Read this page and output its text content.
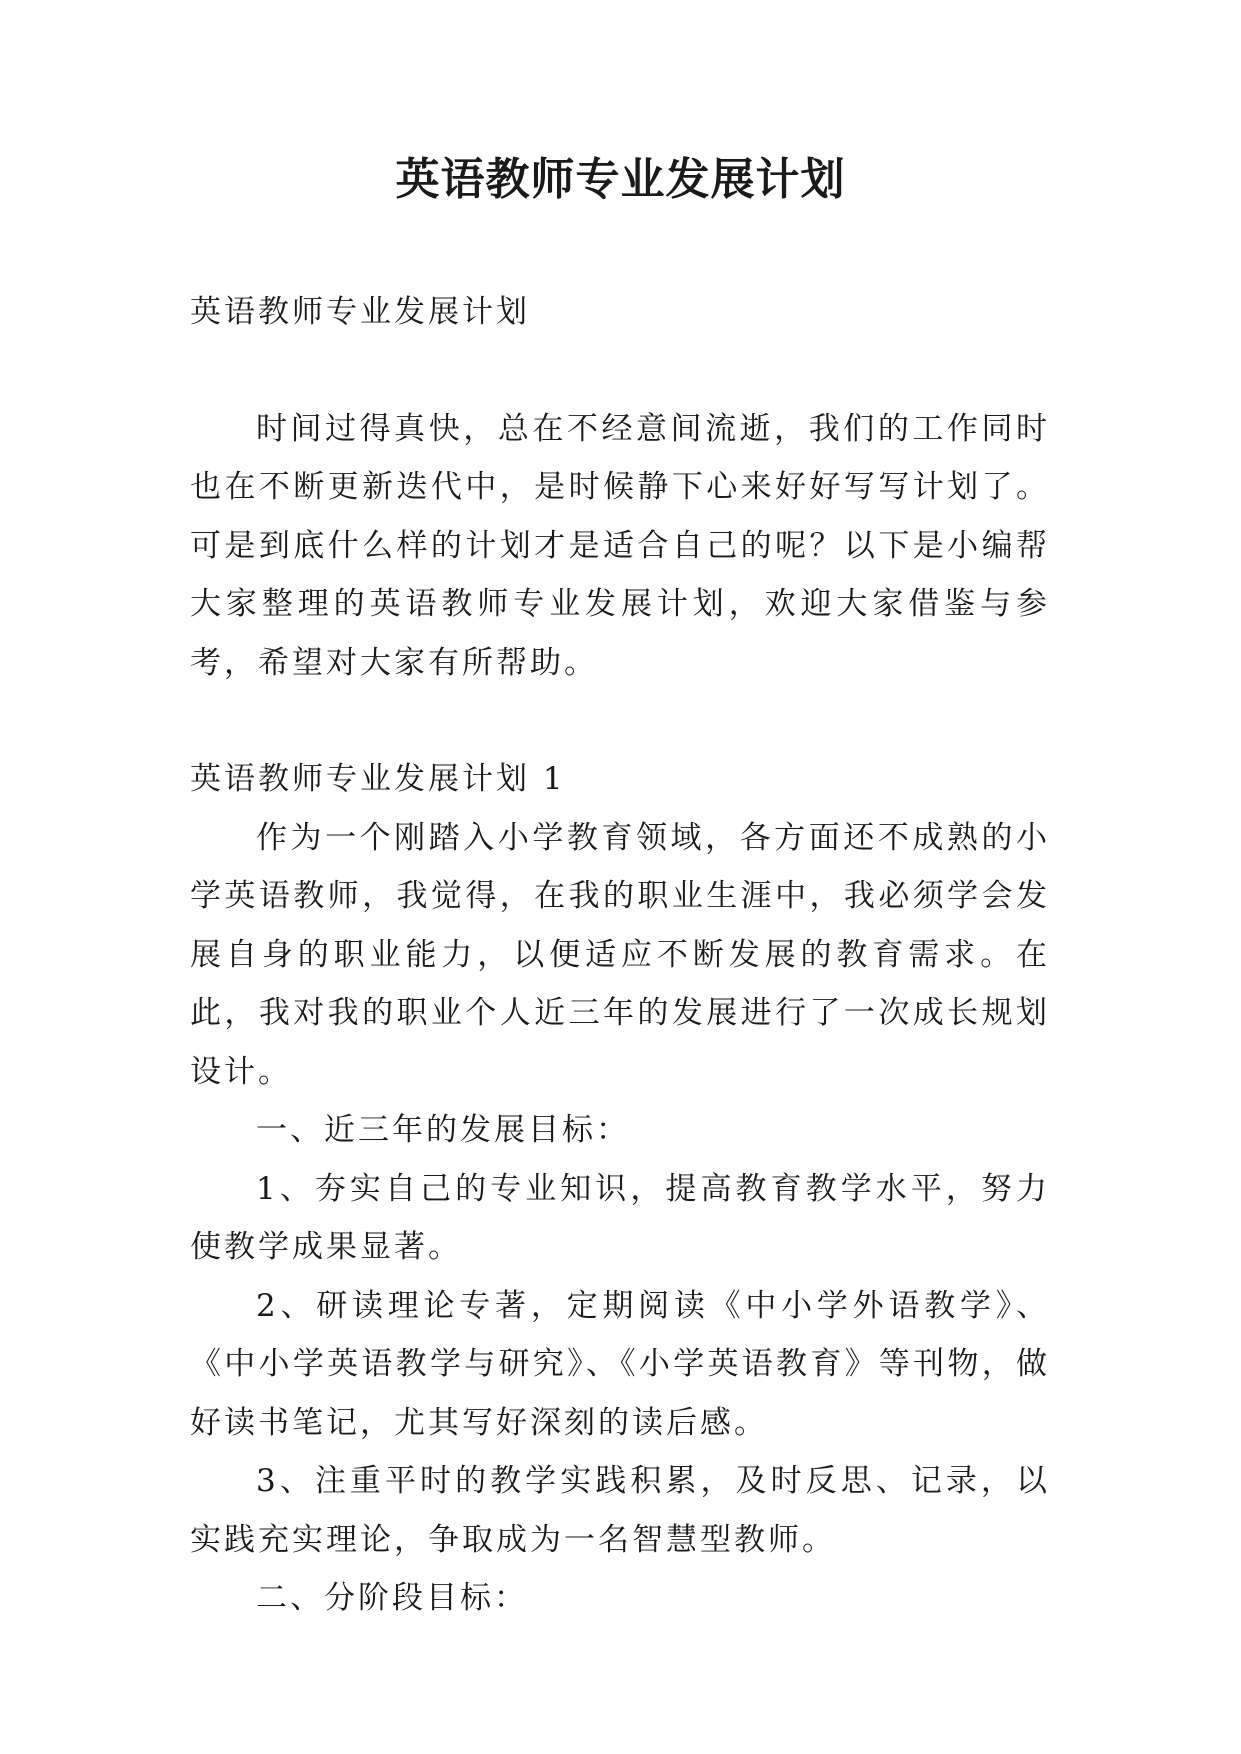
英语教师专业发展计划

英语教师专业发展计划

时间过得真快，总在不经意间流逝，我们的工作同时也在不断更新迭代中，是时候静下心来好好写写计划了。可是到底什么样的计划才是适合自己的呢？以下是小编帮大家整理的英语教师专业发展计划，欢迎大家借鉴与参考，希望对大家有所帮助。

英语教师专业发展计划 1

作为一个刚踏入小学教育领域，各方面还不成熟的小学英语教师，我觉得，在我的职业生涯中，我必须学会发展自身的职业能力，以便适应不断发展的教育需求。在此，我对我的职业个人近三年的发展进行了一次成长规划设计。

一、近三年的发展目标：

1、夯实自己的专业知识，提高教育教学水平，努力使教学成果显著。

2、研读理论专著，定期阅读《中小学外语教学》、《中小学英语教学与研究》、《小学英语教育》等刊物，做好读书笔记，尤其写好深刻的读后感。

3、注重平时的教学实践积累，及时反思、记录，以实践充实理论，争取成为一名智慧型教师。

二、分阶段目标：
